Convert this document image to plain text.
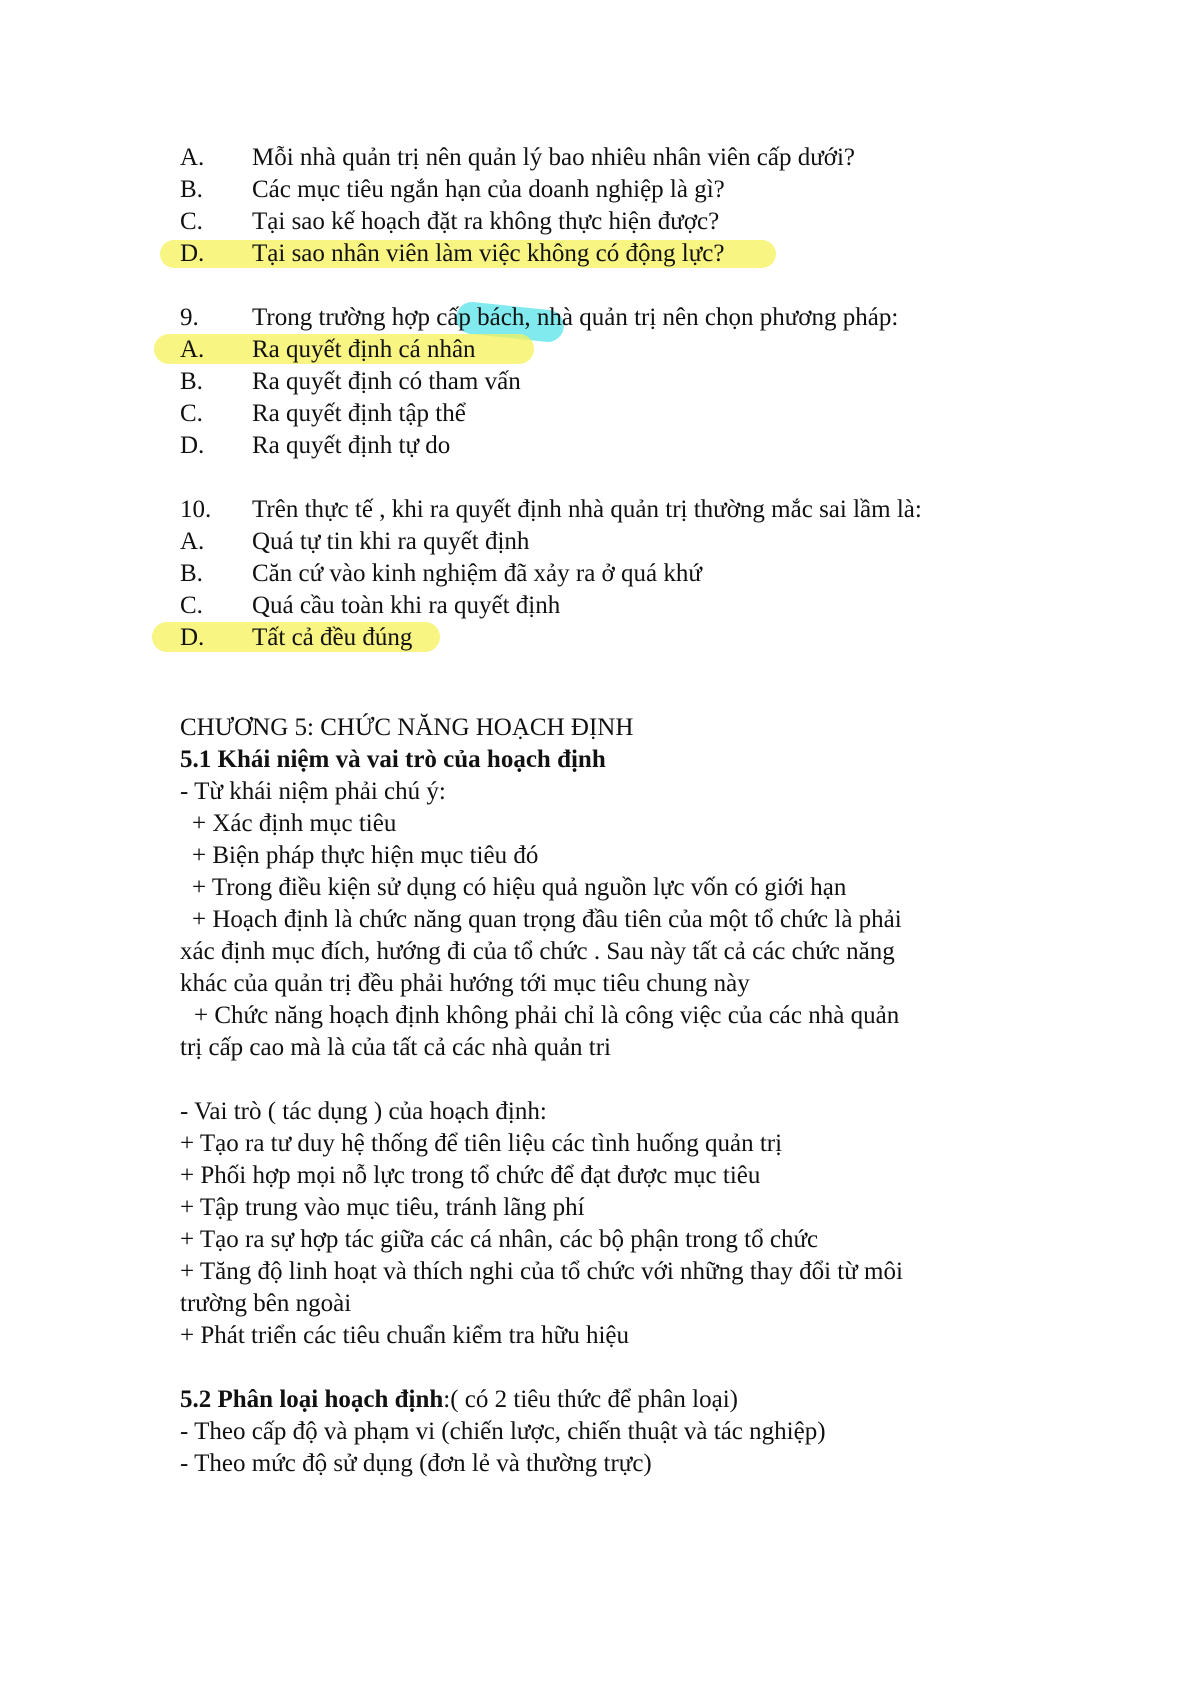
A. Mỗi nhà quản trị nên quản lý bao nhiêu nhân viên cấp dưới?
B. Các mục tiêu ngắn hạn của doanh nghiệp là gì?
C. Tại sao kế hoạch đặt ra không thực hiện được?
D. Tại sao nhân viên làm việc không có động lực?
9. Trong trường hợp cấp bách, nhà quản trị nên chọn phương pháp:
A. Ra quyết định cá nhân
B. Ra quyết định có tham vấn
C. Ra quyết định tập thể
D. Ra quyết định tự do
10. Trên thực tế , khi ra quyết định nhà quản trị thường mắc sai lầm là:
A. Quá tự tin khi ra quyết định
B. Căn cứ vào kinh nghiệm đã xảy ra ở quá khứ
C. Quá cầu toàn khi ra quyết định
D. Tất cả đều đúng
CHƯƠNG 5: CHỨC NĂNG HOẠCH ĐỊNH
5.1 Khái niệm và vai trò của hoạch định
- Từ khái niệm phải chú ý:
+ Xác định mục tiêu
+ Biện pháp thực hiện mục tiêu đó
+ Trong điều kiện sử dụng có hiệu quả nguồn lực vốn có giới hạn
+ Hoạch định là chức năng quan trọng đầu tiên của một tổ chức là phải
xác định mục đích, hướng đi của tổ chức . Sau này tất cả các chức năng
khác của quản trị đều phải hướng tới mục tiêu chung này
+ Chức năng hoạch định không phải chỉ là công việc của các nhà quản
trị cấp cao mà là của tất cả các nhà quản tri
- Vai trò ( tác dụng ) của hoạch định:
+ Tạo ra tư duy hệ thống để tiên liệu các tình huống quản trị
+ Phối hợp mọi nỗ lực trong tổ chức để đạt được mục tiêu
+ Tập trung vào mục tiêu, tránh lãng phí
+ Tạo ra sự hợp tác giữa các cá nhân, các bộ phận trong tổ chức
+ Tăng độ linh hoạt và thích nghi của tổ chức với những thay đổi từ môi
trường bên ngoài
+ Phát triển các tiêu chuẩn kiểm tra hữu hiệu
5.2 Phân loại hoạch định:( có 2 tiêu thức để phân loại)
- Theo cấp độ và phạm vi (chiến lược, chiến thuật và tác nghiệp)
- Theo mức độ sử dụng (đơn lẻ và thường trực)
